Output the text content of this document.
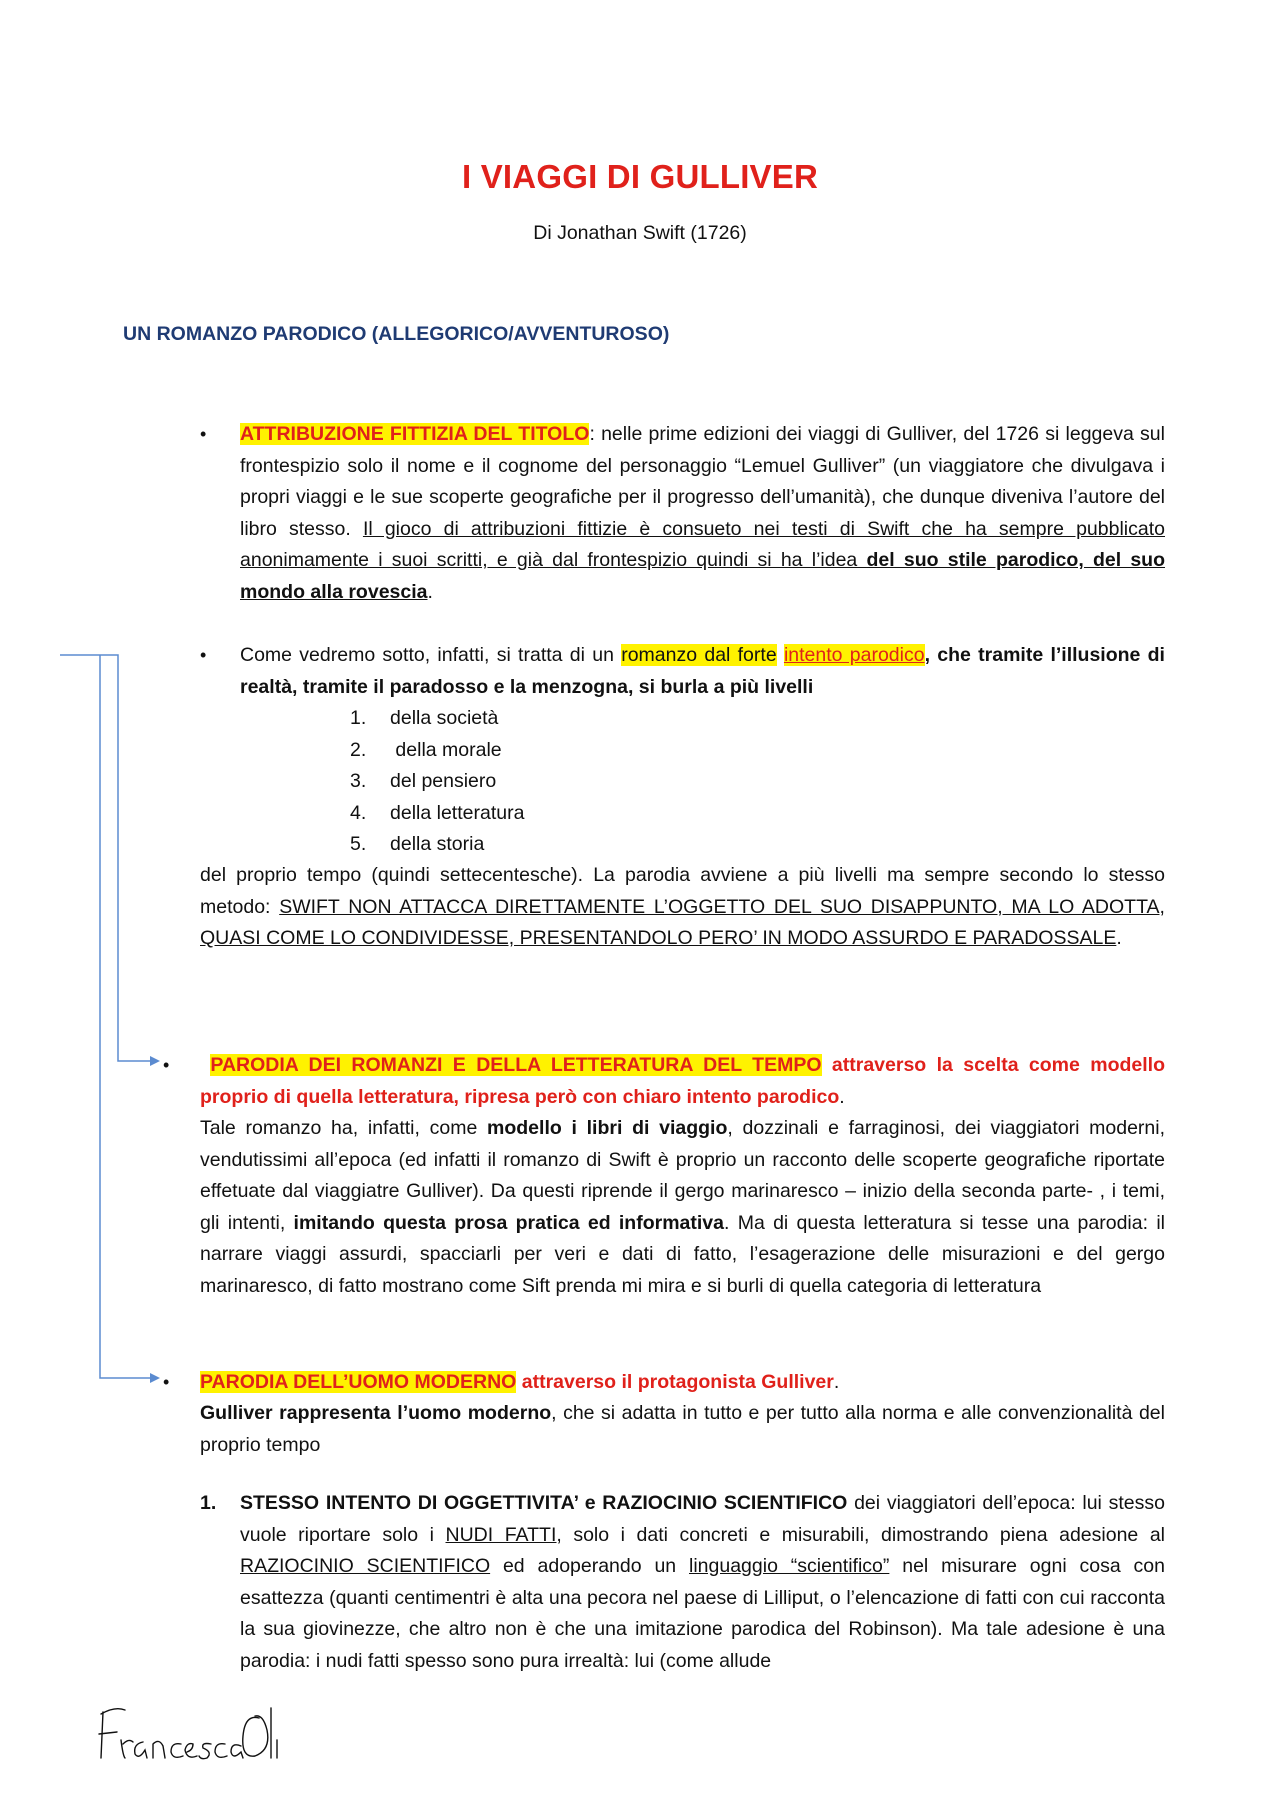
I VIAGGI DI GULLIVER
Di Jonathan Swift (1726)
UN ROMANZO PARODICO (ALLEGORICO/AVVENTUROSO)
• ATTRIBUZIONE FITTIZIA DEL TITOLO: nelle prime edizioni dei viaggi di Gulliver, del 1726 si leggeva sul frontespizio solo il nome e il cognome del personaggio “Lemuel Gulliver” (un viaggiatore che divulgava i propri viaggi e le sue scoperte geografiche per il progresso dell’umanità), che dunque diveniva l’autore del libro stesso. Il gioco di attribuzioni fittizie è consueto nei testi di Swift che ha sempre pubblicato anonimamente i suoi scritti, e già dal frontespizio quindi si ha l’idea del suo stile parodico, del suo mondo alla rovescia.
• Come vedremo sotto, infatti, si tratta di un romanzo dal forte intento parodico, che tramite l’illusione di realtà, tramite il paradosso e la menzogna, si burla a più livelli
1. della società
2. della morale
3. del pensiero
4. della letteratura
5. della storia
del proprio tempo (quindi settecentesche). La parodia avviene a più livelli ma sempre secondo lo stesso metodo: SWIFT NON ATTACCA DIRETTAMENTE L’OGGETTO DEL SUO DISAPPUNTO, MA LO ADOTTA, QUASI COME LO CONDIVIDESSE, PRESENTANDOLO PERO’ IN MODO ASSURDO E PARADOSSALE.
•	PARODIA DEI ROMANZI E DELLA LETTERATURA DEL TEMPO attraverso la scelta come modello proprio di quella letteratura, ripresa però con chiaro intento parodico.
Tale romanzo ha, infatti, come modello i libri di viaggio, dozzinali e farraginosi, dei viaggiatori moderni, vendutissimi all’epoca (ed infatti il romanzo di Swift è proprio un racconto delle scoperte geografiche riportate effetuate dal viaggiatre Gulliver). Da questi riprende il gergo marinaresco – inizio della seconda parte- , i temi, gli intenti, imitando questa prosa pratica ed informativa. Ma di questa letteratura si tesse una parodia: il narrare viaggi assurdi, spacciarli per veri e dati di fatto, l’esagerazione delle misurazioni e del gergo marinaresco, di fatto mostrano come Sift prenda mi mira e si burli di quella categoria di letteratura
• PARODIA DELL’UOMO MODERNO attraverso il protagonista Gulliver.
Gulliver rappresenta l’uomo moderno, che si adatta in tutto e per tutto alla norma e alle convenzionalità del proprio tempo
1. STESSO INTENTO DI OGGETTIVITA’ e RAZIOCINIO SCIENTIFICO dei viaggiatori dell’epoca: lui stesso vuole riportare solo i NUDI FATTI, solo i dati concreti e misurabili, dimostrando piena adesione al RAZIOCINIO SCIENTIFICO ed adoperando un linguaggio “scientifico” nel misurare ogni cosa con esattezza (quanti centimentri è alta una pecora nel paese di Lilliput, o l’elencazione di fatti con cui racconta la sua giovinezze, che altro non è che una imitazione parodica del Robinson). Ma tale adesione è una parodia: i nudi fatti spesso sono pura irrealtà: lui (come allude
